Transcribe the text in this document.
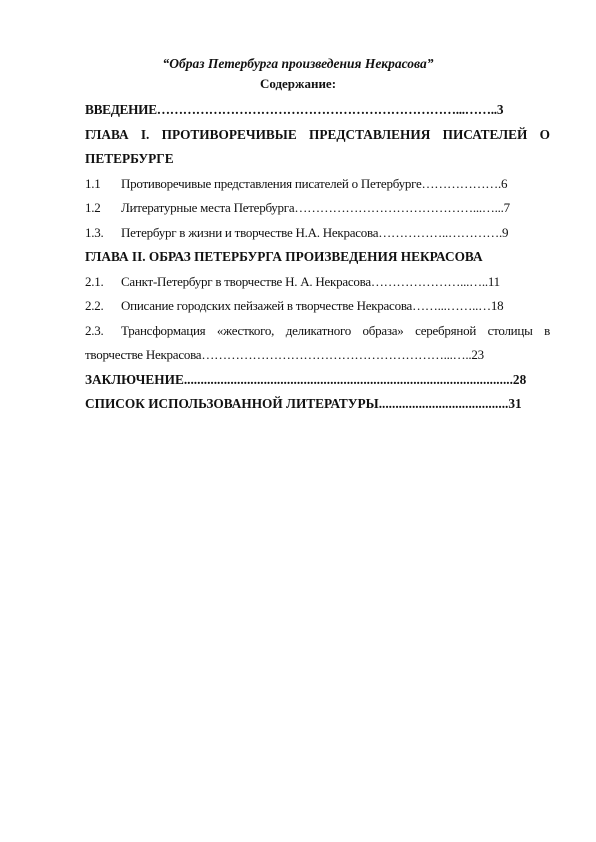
“Образ Петербурга произведения Некрасова”
Содержание:
ВВЕДЕНИЕ……………………………………………………………...……..3
ГЛАВА I. ПРОТИВОРЕЧИВЫЕ ПРЕДСТАВЛЕНИЯ ПИСАТЕЛЕЙ О
ПЕТЕРБУРГЕ
1.1 Противоречивые представления писателей о Петербурге……………….6
1.2 Литературные места Петербурга……………………………………...…...7
1.3. Петербург в жизни и творчестве Н.А. Некрасова……………..………….9
ГЛАВА II. ОБРАЗ ПЕТЕРБУРГА ПРОИЗВЕДЕНИЯ НЕКРАСОВА
2.1. Санкт-Петербург в творчестве Н. А. Некрасова…………………...…..11
2.2. Описание городских пейзажей в творчестве Некрасова……...……..…18
2.3. Трансформация «жесткого, деликатного образа» серебряной столицы в
творчестве Некрасова…………………………………………………...…..23
ЗАКЛЮЧЕНИЕ...................................................................................................28
СПИСОК ИСПОЛЬЗОВАННОЙ ЛИТЕРАТУРЫ.......................................31
